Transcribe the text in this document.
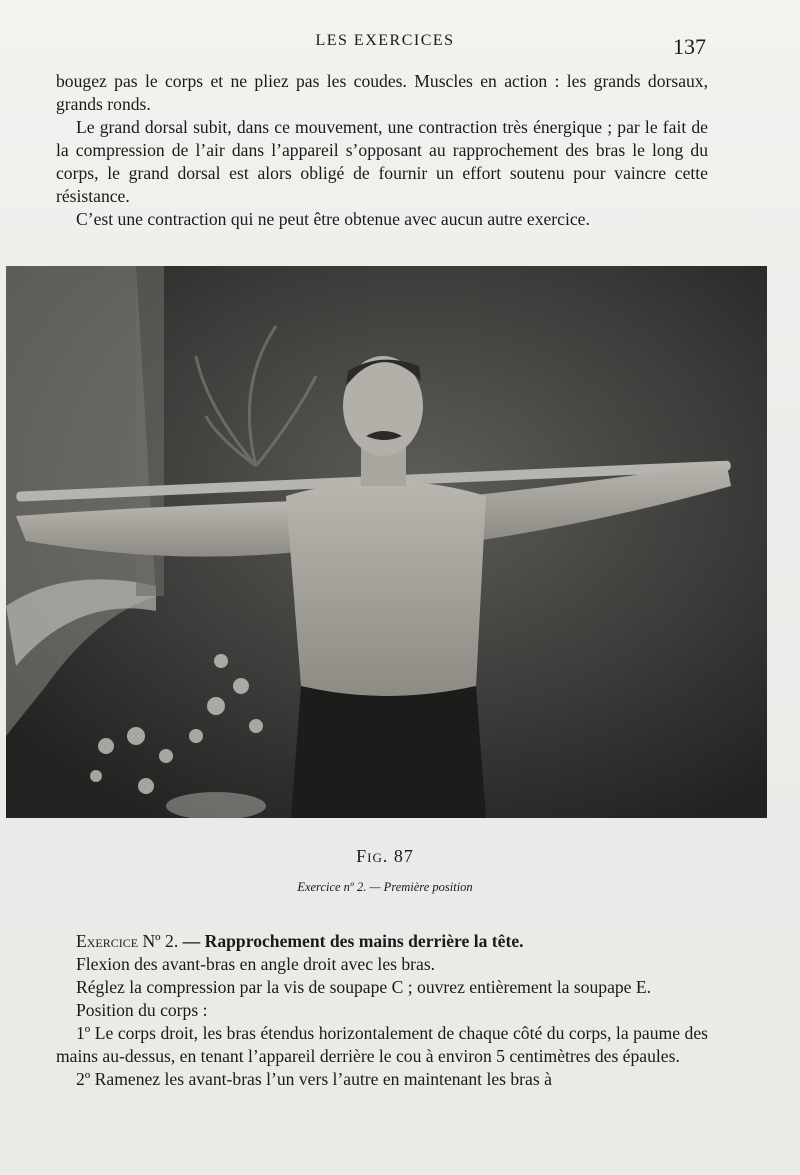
LES EXERCICES	137

bougez pas le corps et ne pliez pas les coudes. Muscles en action : les grands dorsaux, grands ronds.

Le grand dorsal subit, dans ce mouvement, une contraction très énergique ; par le fait de la compression de l’air dans l’appareil s’opposant au rapprochement des bras le long du corps, le grand dorsal est alors obligé de fournir un effort soutenu pour vaincre cette résistance.

C’est une contraction qui ne peut être obtenue avec aucun autre exercice.

Fig. 87
Exercice nº 2. — Première position

Exercice Nº 2. — Rapprochement des mains derrière la tête.

Flexion des avant-bras en angle droit avec les bras.

Réglez la compression par la vis de soupape C ; ouvrez entièrement la soupape E.

Position du corps :

1º Le corps droit, les bras étendus horizontalement de chaque côté du corps, la paume des mains au-dessus, en tenant l’appareil derrière le cou à environ 5 centimètres des épaules.

2º Ramenez les avant-bras l’un vers l’autre en maintenant les bras à
